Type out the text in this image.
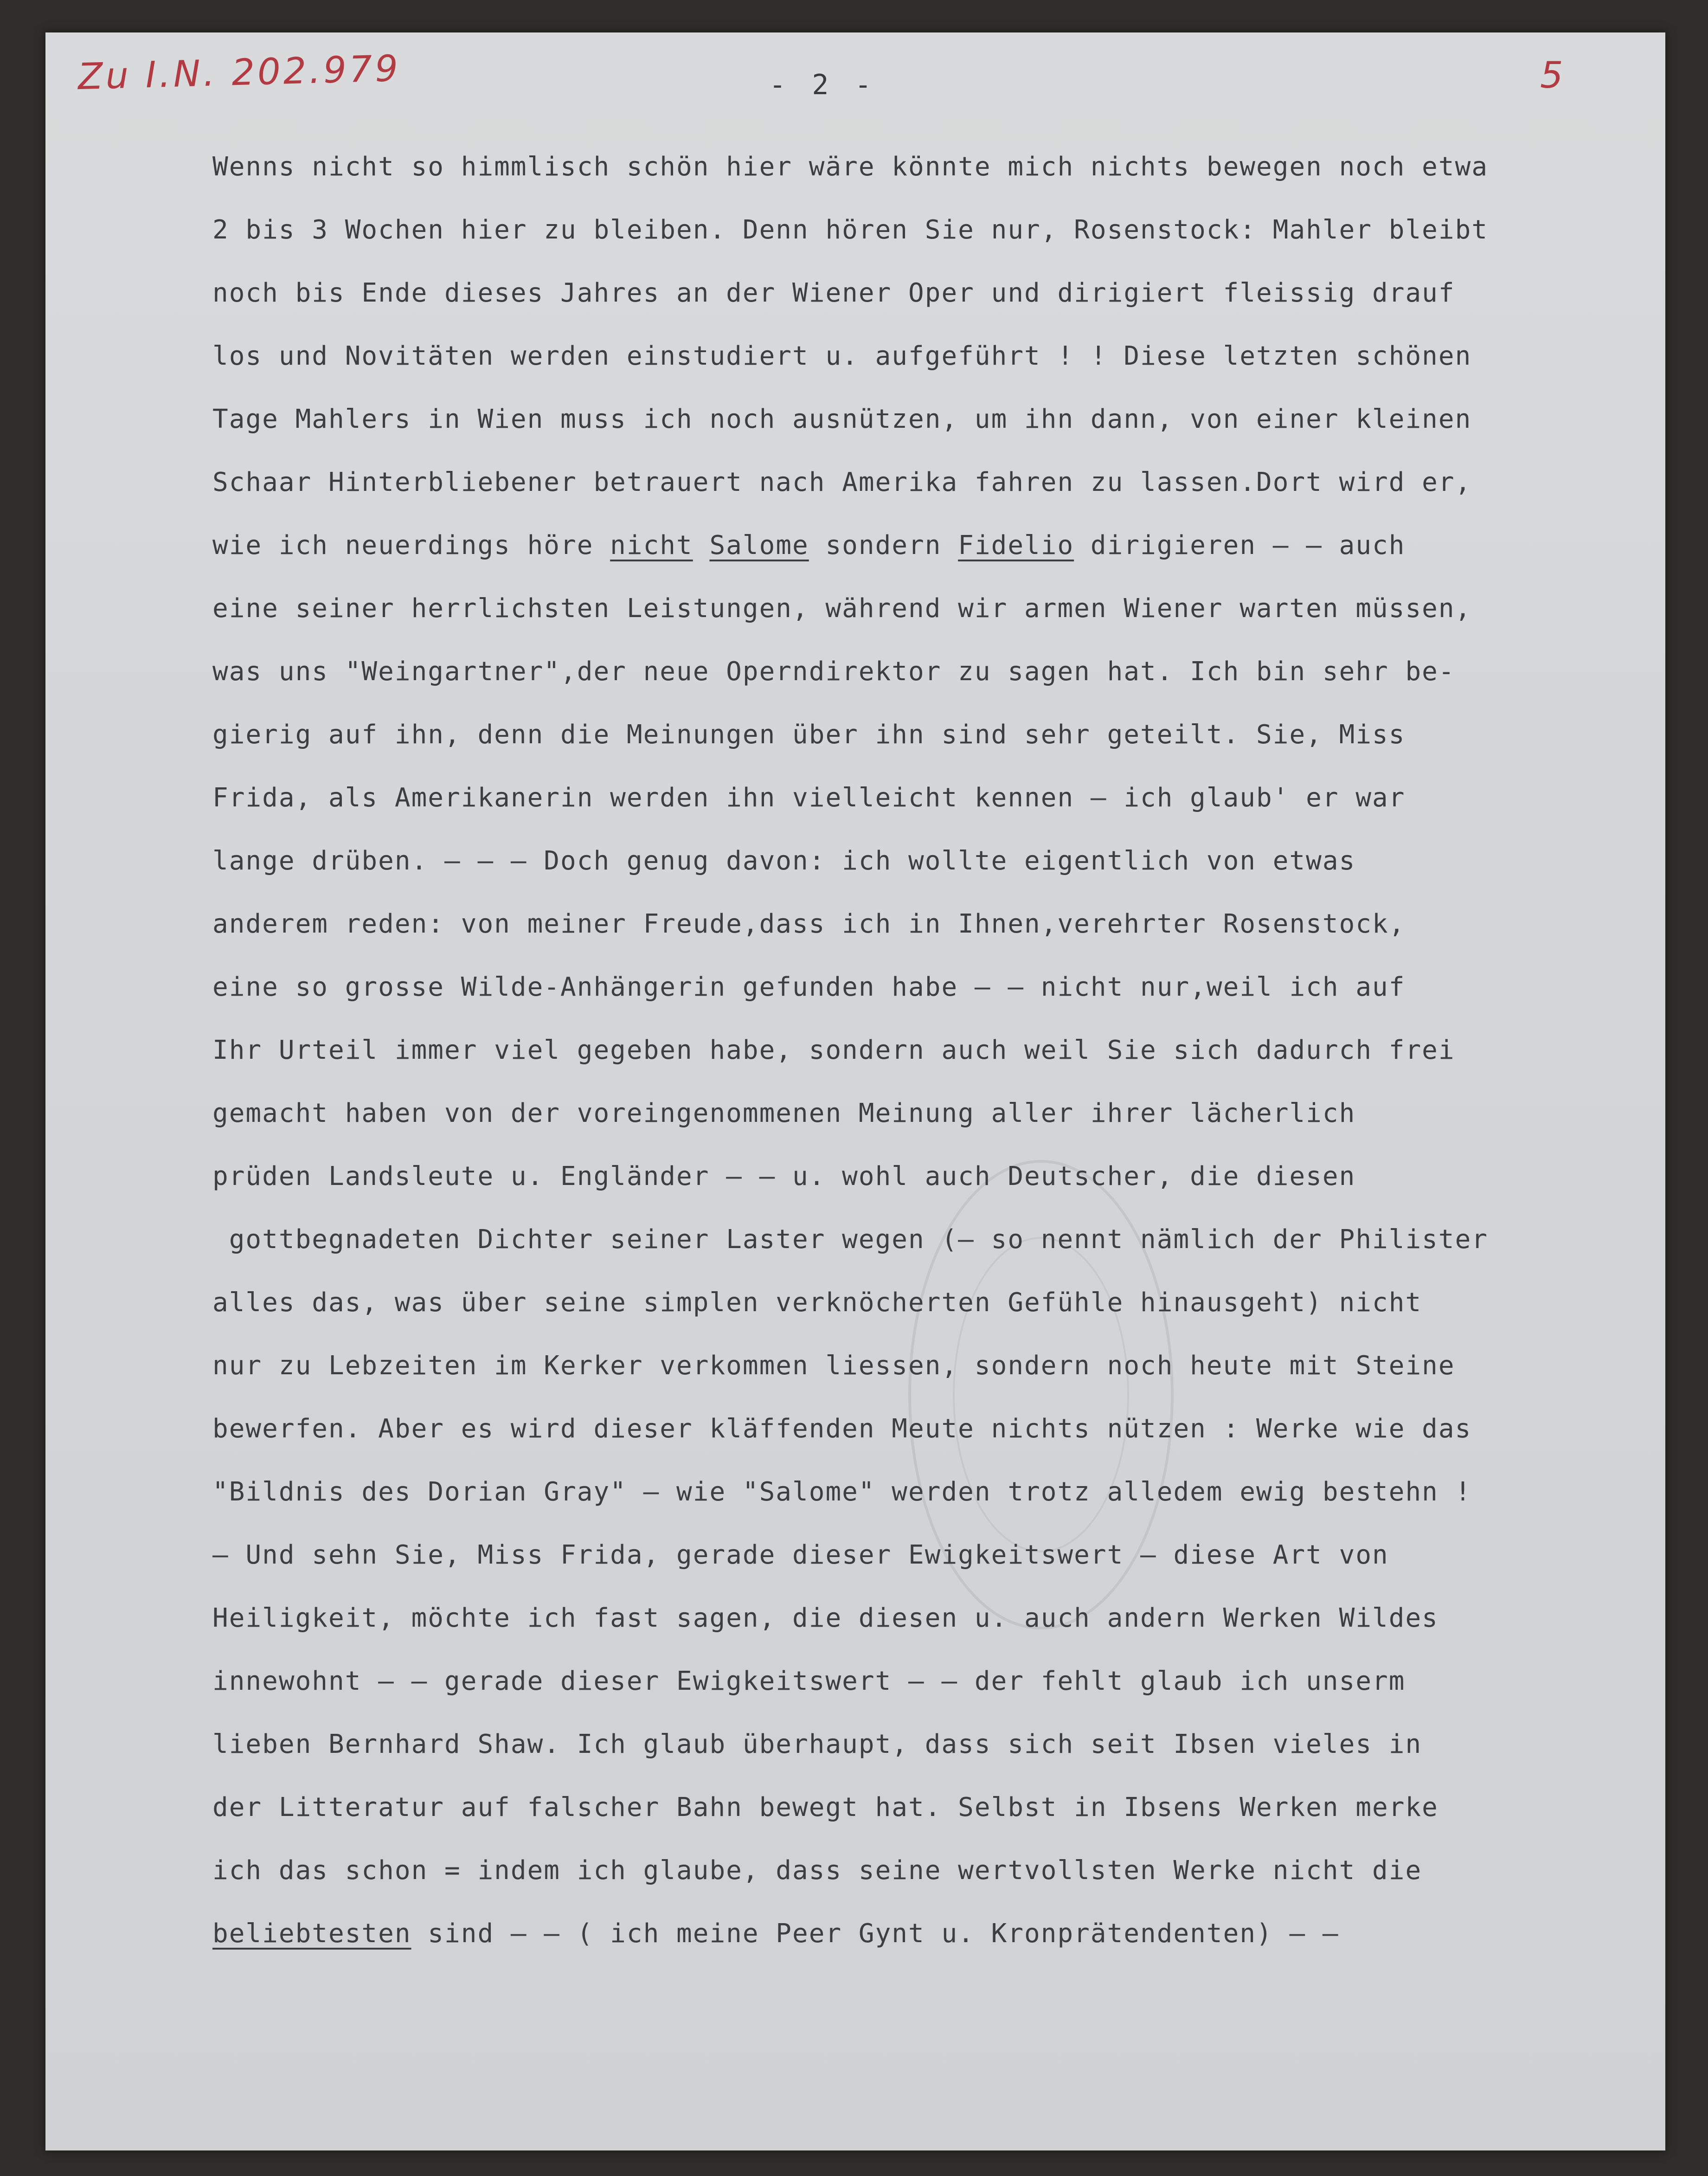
Zu I.N. 202.979	5
- 2 -
Wenns nicht so himmlisch schön hier wäre könnte mich nichts bewegen noch etwa
2 bis 3 Wochen hier zu bleiben. Denn hören Sie nur, Rosenstock: Mahler bleibt
noch bis Ende dieses Jahres an der Wiener Oper und dirigiert fleissig drauf
los und Novitäten werden einstudiert u. aufgeführt ! ! Diese letzten schönen
Tage Mahlers in Wien muss ich noch ausnützen, um ihn dann, von einer kleinen
Schaar Hinterbliebener betrauert nach Amerika fahren zu lassen.Dort wird er,
wie ich neuerdings höre nicht Salome sondern Fidelio dirigieren — — auch
eine seiner herrlichsten Leistungen, während wir armen Wiener warten müssen,
was uns "Weingartner",der neue Operndirektor zu sagen hat. Ich bin sehr be-
gierig auf ihn, denn die Meinungen über ihn sind sehr geteilt. Sie, Miss
Frida, als Amerikanerin werden ihn vielleicht kennen — ich glaub' er war
lange drüben. — — — Doch genug davon: ich wollte eigentlich von etwas
anderem reden: von meiner Freude,dass ich in Ihnen,verehrter Rosenstock,
eine so grosse Wilde-Anhängerin gefunden habe — — nicht nur,weil ich auf
Ihr Urteil immer viel gegeben habe, sondern auch weil Sie sich dadurch frei
gemacht haben von der voreingenommenen Meinung aller ihrer lächerlich
prüden Landsleute u. Engländer — — u. wohl auch Deutscher, die diesen
gottbegnadeten Dichter seiner Laster wegen (— so nennt nämlich der Philister
alles das, was über seine simplen verknöcherten Gefühle hinausgeht) nicht
nur zu Lebzeiten im Kerker verkommen liessen, sondern noch heute mit Steine
bewerfen. Aber es wird dieser kläffenden Meute nichts nützen : Werke wie das
"Bildnis des Dorian Gray" — wie "Salome" werden trotz alledem ewig bestehn !
— Und sehn Sie, Miss Frida, gerade dieser Ewigkeitswert — diese Art von
Heiligkeit, möchte ich fast sagen, die diesen u. auch andern Werken Wildes
innewohnt — — gerade dieser Ewigkeitswert — — der fehlt glaub ich unserm
lieben Bernhard Shaw. Ich glaub überhaupt, dass sich seit Ibsen vieles in
der Litteratur auf falscher Bahn bewegt hat. Selbst in Ibsens Werken merke
ich das schon = indem ich glaube, dass seine wertvollsten Werke nicht die
beliebtesten sind — — ( ich meine Peer Gynt u. Kronprätendenten) — —
